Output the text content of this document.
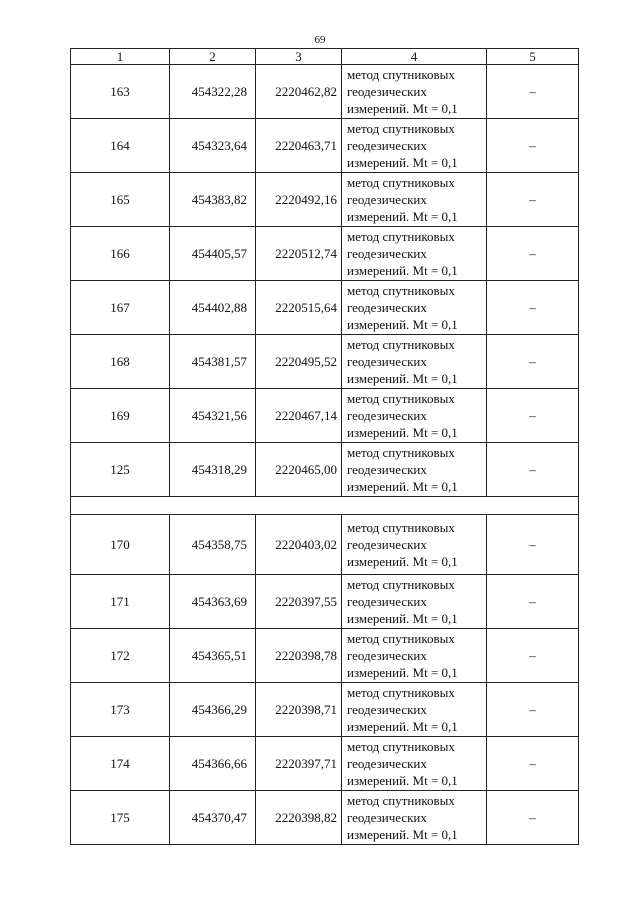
69
1	2	3	4	5
163	454322,28	2220462,82	метод спутниковых геодезических измерений. Mt = 0,1	–
164	454323,64	2220463,71	метод спутниковых геодезических измерений. Mt = 0,1	–
165	454383,82	2220492,16	метод спутниковых геодезических измерений. Mt = 0,1	–
166	454405,57	2220512,74	метод спутниковых геодезических измерений. Mt = 0,1	–
167	454402,88	2220515,64	метод спутниковых геодезических измерений. Mt = 0,1	–
168	454381,57	2220495,52	метод спутниковых геодезических измерений. Mt = 0,1	–
169	454321,56	2220467,14	метод спутниковых геодезических измерений. Mt = 0,1	–
125	454318,29	2220465,00	метод спутниковых геодезических измерений. Mt = 0,1	–

170	454358,75	2220403,02	метод спутниковых геодезических измерений. Mt = 0,1	–
171	454363,69	2220397,55	метод спутниковых геодезических измерений. Mt = 0,1	–
172	454365,51	2220398,78	метод спутниковых геодезических измерений. Mt = 0,1	–
173	454366,29	2220398,71	метод спутниковых геодезических измерений. Mt = 0,1	–
174	454366,66	2220397,71	метод спутниковых геодезических измерений. Mt = 0,1	–
175	454370,47	2220398,82	метод спутниковых геодезических измерений. Mt = 0,1	–
